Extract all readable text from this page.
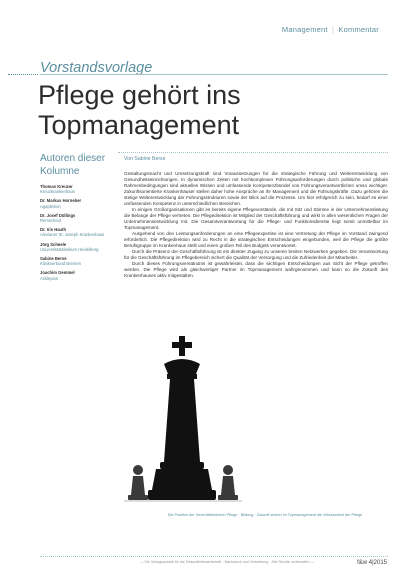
Management | Kommentar
Vorstandsvorlage
Pflege gehört ins
Topmanagement
Autoren dieser Kolumne
Thomas Kreuzer
Kreuzkrankenhaus
Dr. Markus Horneber
Agaplesion
Dr. Josef Düllings
Remscheid
Dr. Iris Hauth
Alexianer St. Joseph Krankenhaus
Jörg Scheele
Universitätsklinikum Heidelberg
Sabine Berse
Klinikverbund Bremen
Joachim Gemmel
Asklepios
Von Sabine Berse

Gestaltungsmacht und Umsetzungskraft sind Voraussetzungen für die strategische Führung und Weiterentwicklung von Gesundheitseinrichtungen. In dynamischen Zeiten mit hochkomplexen Führungsanforderungen durch politische und globale Rahmenbedingungen sind aktuelles Wissen und umfassende Kompetenzbündel von Führungsverantwortlichen umso wichtiger. Zukunftsorientierte Krankenhäuser stellen daher hohe Ansprüche an ihr Management und die Führungskräfte. Dazu gehören die stetige Weiterentwicklung der Führungsstrukturen sowie der Blick auf die Prozesse. Um hier erfolgreich zu sein, bedarf es einer umfassenden Kompetenz in unterschiedlichen Bereichen.

In einigen Großorganisationen gibt es bereits eigene Pflegevorstände, die mit Sitz und Stimme in der Unternehmensleitung die Belange der Pflege vertreten. Die Pflegedirektion ist Mitglied der Geschäftsführung und wirkt in allen wesentlichen Fragen der Unternehmensentwicklung mit. Die Gesamtverantwortung für die Pflege- und Funktionsdienste liegt somit unmittelbar im Topmanagement.

Ausgehend von den Leistungsanforderungen an eine Pflegeexpertise ist eine Vertretung der Pflege im Vorstand zwingend erforderlich. Die Pflegedirektion wird zu Recht in die strategischen Entscheidungen eingebunden, weil die Pflege die größte Berufsgruppe im Krankenhaus stellt und einen großen Teil des Budgets verantwortet.

Durch die Präsenz der Geschäftsführung ist ein direkter Zugang zu unseren breiten Netzwerken gegeben. Die Verantwortung für die Geschäftsführung im Pflegebereich sichert die Qualität der Versorgung und die Zufriedenheit der Mitarbeiter.

Durch dieses Führungsverständnis ist gewährleistet, dass die wichtigen Entscheidungen aus Sicht der Pflege getroffen werden. Die Pflege wird als gleichwertiger Partner im Topmanagement wahrgenommen und kann so die Zukunft des Krankenhauses aktiv mitgestalten.

Die Position der Geschäftsführerin Pflege · Bildung · Zukunft sichert im Topmanagement die Wirksamkeit der Pflege
— Die Verlagsanstalt für die Gesundheitswirtschaft · Nachdruck und Verbreitung · Alle Rechte vorbehalten —	f&w 4|2015
